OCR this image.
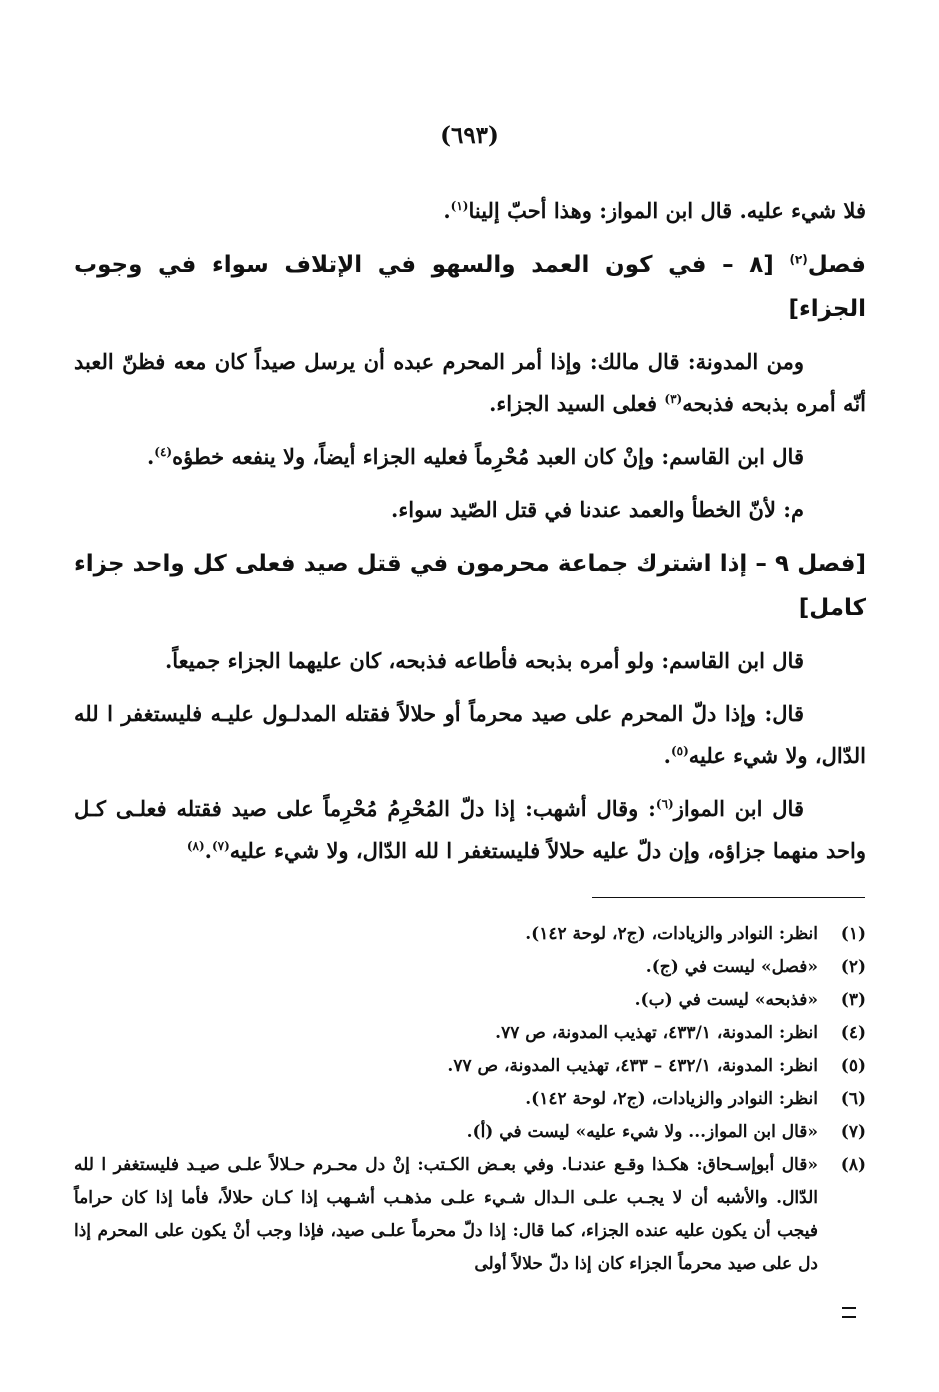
(٦٩٣)

فلا شيء عليه. قال ابن المواز: وهذا أحبّ إلينا$^{(١)}$.

فصل$^{(٢)}$ [٨ – في كون العمد والسهو في الإتلاف سواء في وجوب الجزاء]

ومن المدونة: قال مالك: وإذا أمر المحرم عبده أن يرسل صيداً كان معه فظنّ العبد أنّه أمره بذبحه فذبحه$^{(٣)}$ فعلى السيد الجزاء.

قال ابن القاسم: وإنْ كان العبد مُحْرِماً فعليه الجزاء أيضاً، ولا ينفعه خطؤه$^{(٤)}$.

م: لأنّ الخطأ والعمد عندنا في قتل الصّيد سواء.

[فصل ٩ – إذا اشترك جماعة محرمون في قتل صيد فعلى كل واحد جزاء كامل]

قال ابن القاسم: ولو أمره بذبحه فأطاعه فذبحه، كان عليهما الجزاء جميعاً.

قال: وإذا دلّ المحرم على صيد محرماً أو حلالاً فقتله المدلـول عليـه فليستغفر ا لله الدّال، ولا شيء عليه$^{(٥)}$.

قال ابن المواز$^{(٦)}$: وقال أشهب: إذا دلّ المُحْرِمُ مُحْرِماً على صيد فقتله فعلـى كـل واحد منهما جزاؤه، وإن دلّ عليه حلالاً فليستغفر ا لله الدّال، ولا شيء عليه$^{(٧)}$.$^{(٨)}$

(١)
انظر: النوادر والزيادات، (ج٢، لوحة ١٤٢).
(٢)
«فصل» ليست في (ج).
(٣)
«فذبحه» ليست في (ب).
(٤)
انظر: المدونة، ٤٣٣/١، تهذيب المدونة، ص ٧٧.
(٥)
انظر: المدونة، ٤٣٢/١ – ٤٣٣، تهذيب المدونة، ص ٧٧.
(٦)
انظر: النوادر والزيادات، (ج٢، لوحة ١٤٢).
(٧)
«قال ابن المواز... ولا شيء عليه» ليست في (أ).
(٨)
«قال أبوإسـحاق: هكـذا وقـع عندنـا. وفي بعـض الكـتب: إنْ دل محـرم حـلالاً علـى صيـد فليستغفر ا لله الدّال. والأشبه أن لا يجـب علـى الـدال شـيء علـى مذهـب أشـهب إذا كـان حلالاً، فأما إذا كان حراماً فيجب أن يكون عليه عنده الجزاء، كما قال: إذا دلّ محرماً علـى صيد، فإذا وجب أنْ يكون على المحرم إذا دل على صيد محرماً الجزاء كان إذا دلّ حلالاً أولى
